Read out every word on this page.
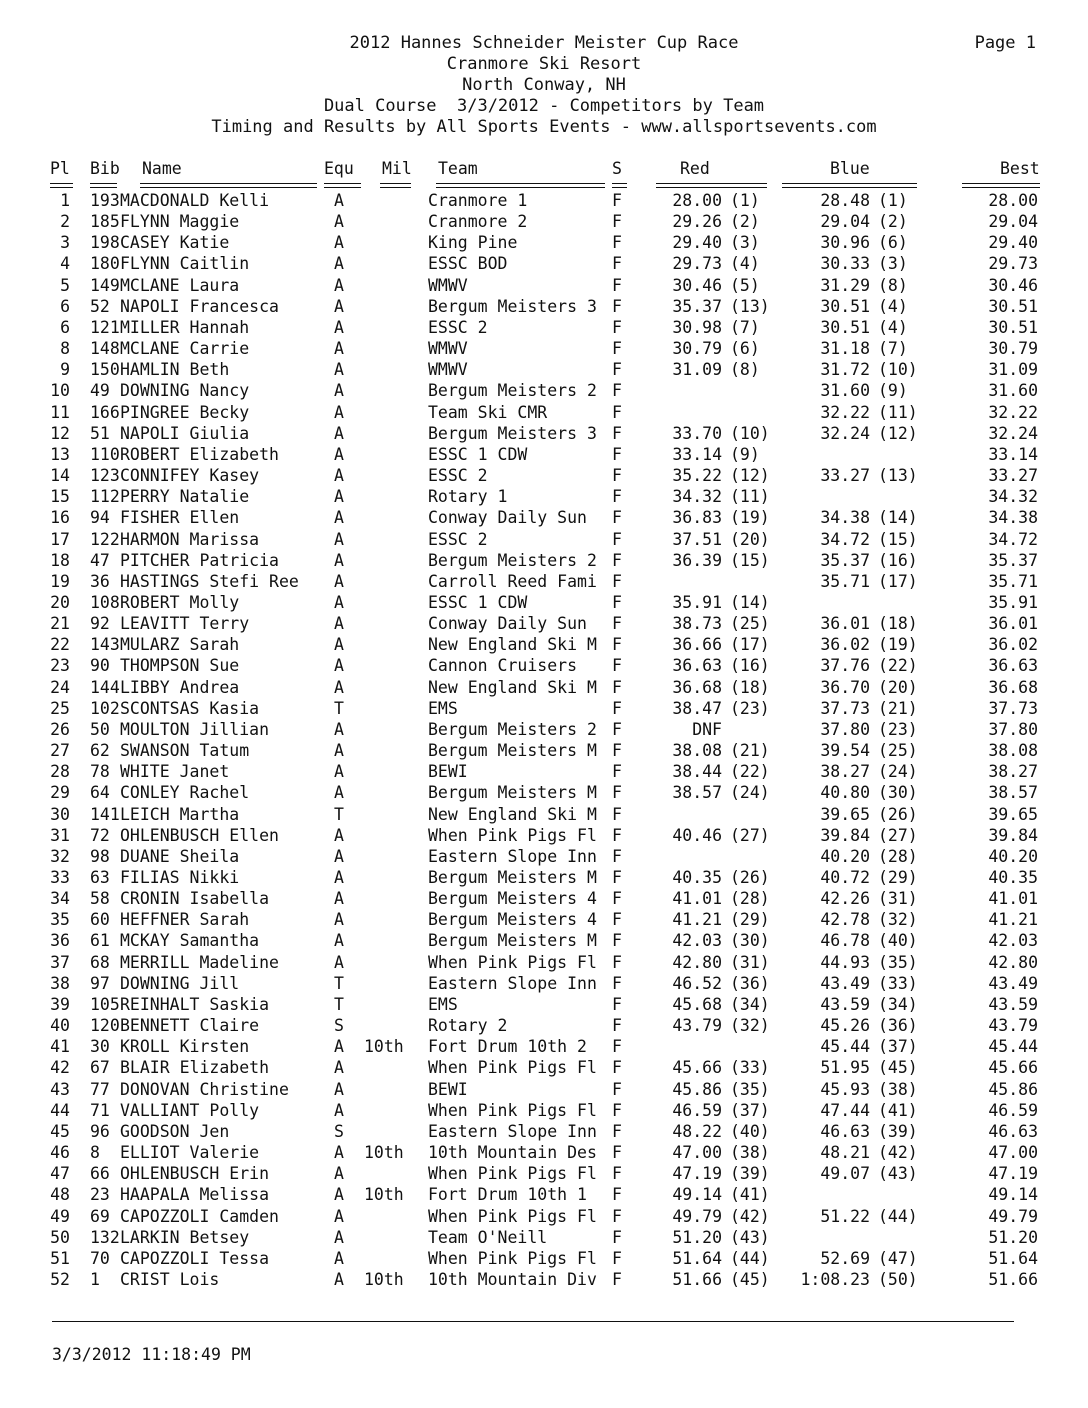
2012 Hannes Schneider Meister Cup Race
Cranmore Ski Resort
North Conway, NH
Dual Course  3/3/2012 - Competitors by Team
Timing and Results by All Sports Events - www.allsportsevents.com
Page 1
Pl	Bib	Name	Equ	Mil	Team	S	Red	Blue	Best

1	193	MACDONALD Kelli	A		Cranmore 1	F	28.00 (1)	28.48 (1)	28.00
2	185	FLYNN Maggie	A		Cranmore 2	F	29.26 (2)	29.04 (2)	29.04
3	198	CASEY Katie	A		King Pine	F	29.40 (3)	30.96 (6)	29.40
4	180	FLYNN Caitlin	A		ESSC BOD	F	29.73 (4)	30.33 (3)	29.73
5	149	MCLANE Laura	A		WMWV	F	30.46 (5)	31.29 (8)	30.46
6	52	NAPOLI Francesca	A		Bergum Meisters 3	F	35.37 (13)	30.51 (4)	30.51
6	121	MILLER Hannah	A		ESSC 2	F	30.98 (7)	30.51 (4)	30.51
8	148	MCLANE Carrie	A		WMWV	F	30.79 (6)	31.18 (7)	30.79
9	150	HAMLIN Beth	A		WMWV	F	31.09 (8)	31.72 (10)	31.09
10	49	DOWNING Nancy	A		Bergum Meisters 2	F		31.60 (9)	31.60
11	166	PINGREE Becky	A		Team Ski CMR	F		32.22 (11)	32.22
12	51	NAPOLI Giulia	A		Bergum Meisters 3	F	33.70 (10)	32.24 (12)	32.24
13	110	ROBERT Elizabeth	A		ESSC 1 CDW	F	33.14 (9)		33.14
14	123	CONNIFEY Kasey	A		ESSC 2	F	35.22 (12)	33.27 (13)	33.27
15	112	PERRY Natalie	A		Rotary 1	F	34.32 (11)		34.32
16	94	FISHER Ellen	A		Conway Daily Sun	F	36.83 (19)	34.38 (14)	34.38
17	122	HARMON Marissa	A		ESSC 2	F	37.51 (20)	34.72 (15)	34.72
18	47	PITCHER Patricia	A		Bergum Meisters 2	F	36.39 (15)	35.37 (16)	35.37
19	36	HASTINGS Stefi Ree	A		Carroll Reed Fami	F		35.71 (17)	35.71
20	108	ROBERT Molly	A		ESSC 1 CDW	F	35.91 (14)		35.91
21	92	LEAVITT Terry	A		Conway Daily Sun	F	38.73 (25)	36.01 (18)	36.01
22	143	MULARZ Sarah	A		New England Ski M	F	36.66 (17)	36.02 (19)	36.02
23	90	THOMPSON Sue	A		Cannon Cruisers	F	36.63 (16)	37.76 (22)	36.63
24	144	LIBBY Andrea	A		New England Ski M	F	36.68 (18)	36.70 (20)	36.68
25	102	SCONTSAS Kasia	T		EMS	F	38.47 (23)	37.73 (21)	37.73
26	50	MOULTON Jillian	A		Bergum Meisters 2	F	DNF	37.80 (23)	37.80
27	62	SWANSON Tatum	A		Bergum Meisters M	F	38.08 (21)	39.54 (25)	38.08
28	78	WHITE Janet	A		BEWI	F	38.44 (22)	38.27 (24)	38.27
29	64	CONLEY Rachel	A		Bergum Meisters M	F	38.57 (24)	40.80 (30)	38.57
30	141	LEICH Martha	T		New England Ski M	F		39.65 (26)	39.65
31	72	OHLENBUSCH Ellen	A		When Pink Pigs Fl	F	40.46 (27)	39.84 (27)	39.84
32	98	DUANE Sheila	A		Eastern Slope Inn	F		40.20 (28)	40.20
33	63	FILIAS Nikki	A		Bergum Meisters M	F	40.35 (26)	40.72 (29)	40.35
34	58	CRONIN Isabella	A		Bergum Meisters 4	F	41.01 (28)	42.26 (31)	41.01
35	60	HEFFNER Sarah	A		Bergum Meisters 4	F	41.21 (29)	42.78 (32)	41.21
36	61	MCKAY Samantha	A		Bergum Meisters M	F	42.03 (30)	46.78 (40)	42.03
37	68	MERRILL Madeline	A		When Pink Pigs Fl	F	42.80 (31)	44.93 (35)	42.80
38	97	DOWNING Jill	T		Eastern Slope Inn	F	46.52 (36)	43.49 (33)	43.49
39	105	REINHALT Saskia	T		EMS	F	45.68 (34)	43.59 (34)	43.59
40	120	BENNETT Claire	S		Rotary 2	F	43.79 (32)	45.26 (36)	43.79
41	30	KROLL Kirsten	A	10th	Fort Drum 10th 2	F		45.44 (37)	45.44
42	67	BLAIR Elizabeth	A		When Pink Pigs Fl	F	45.66 (33)	51.95 (45)	45.66
43	77	DONOVAN Christine	A		BEWI	F	45.86 (35)	45.93 (38)	45.86
44	71	VALLIANT Polly	A		When Pink Pigs Fl	F	46.59 (37)	47.44 (41)	46.59
45	96	GOODSON Jen	S		Eastern Slope Inn	F	48.22 (40)	46.63 (39)	46.63
46	8	ELLIOT Valerie	A	10th	10th Mountain Des	F	47.00 (38)	48.21 (42)	47.00
47	66	OHLENBUSCH Erin	A		When Pink Pigs Fl	F	47.19 (39)	49.07 (43)	47.19
48	23	HAAPALA Melissa	A	10th	Fort Drum 10th 1	F	49.14 (41)		49.14
49	69	CAPOZZOLI Camden	A		When Pink Pigs Fl	F	49.79 (42)	51.22 (44)	49.79
50	132	LARKIN Betsey	A		Team O'Neill	F	51.20 (43)		51.20
51	70	CAPOZZOLI Tessa	A		When Pink Pigs Fl	F	51.64 (44)	52.69 (47)	51.64
52	1	CRIST Lois	A	10th	10th Mountain Div	F	51.66 (45)	1:08.23 (50)	51.66
3/3/2012 11:18:49 PM
